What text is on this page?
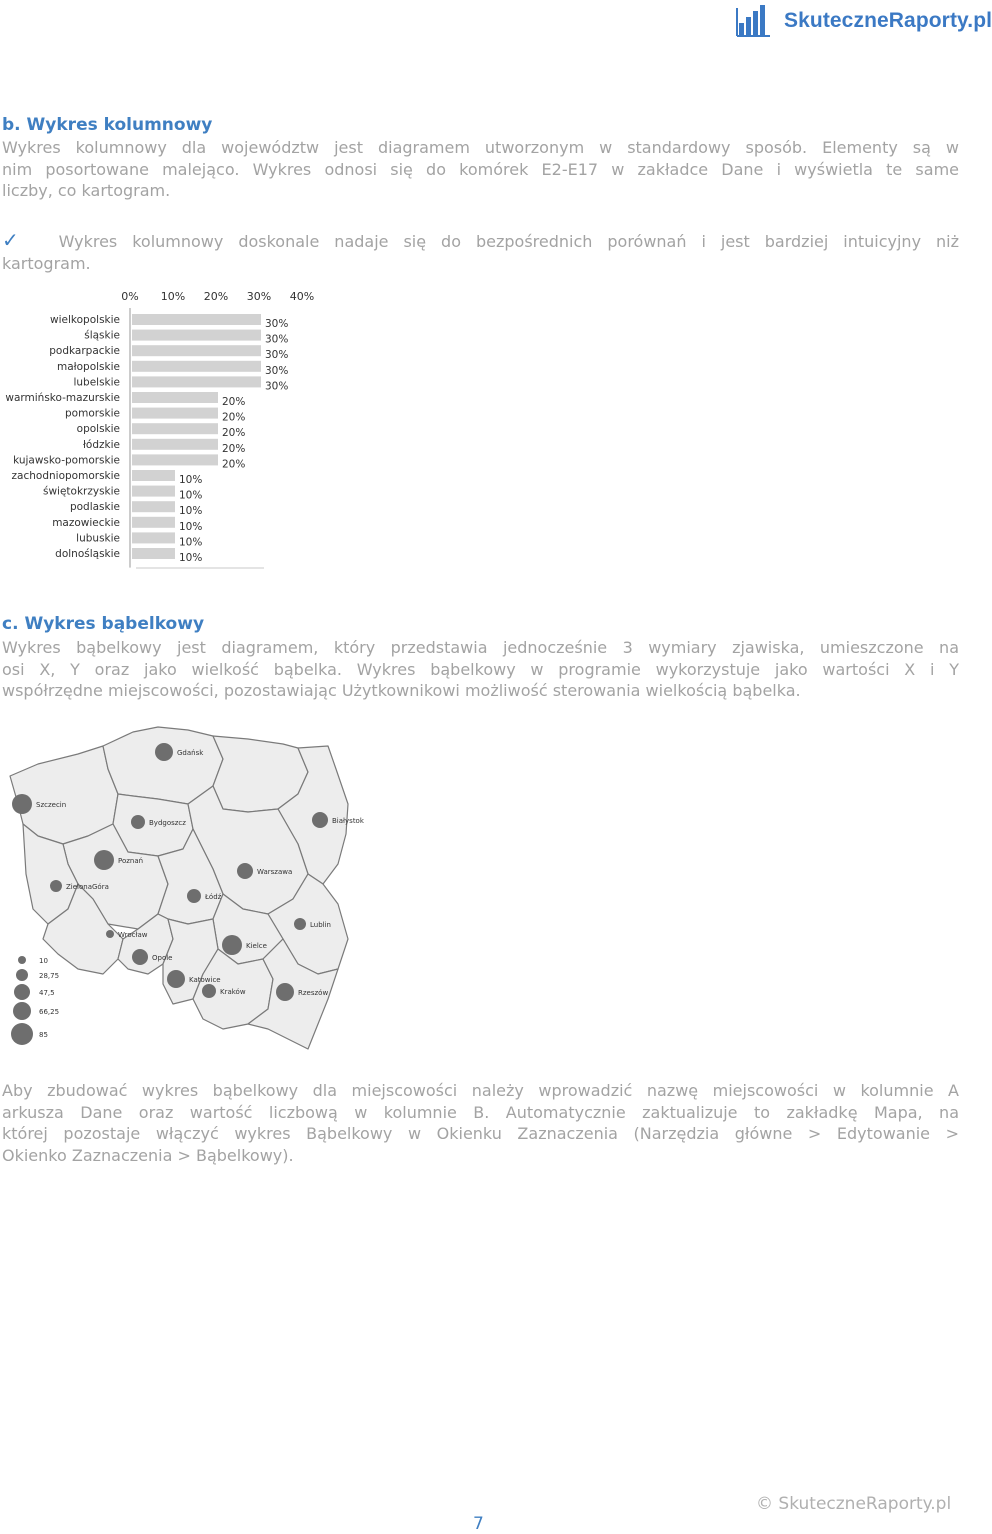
SkuteczneRaporty.pl
b. Wykres kolumnowy
Wykres kolumnowy dla województw jest diagramem utworzonym w standardowy sposób. Elementy są w
nim posortowane malejąco. Wykres odnosi się do komórek E2-E17 w zakładce Dane i wyświetla te same
liczby, co kartogram.
✓ Wykres kolumnowy doskonale nadaje się do bezpośrednich porównań i jest bardziej intuicyjny niż
kartogram.
0% 10% 20% 30% 40%
wielkopolskie	30%
śląskie	30%
podkarpackie	30%
małopolskie	30%
lubelskie	30%
warmińsko-mazurskie	20%
pomorskie	20%
opolskie	20%
łódzkie	20%
kujawsko-pomorskie	20%
zachodniopomorskie	10%
świętokrzyskie	10%
podlaskie	10%
mazowieckie	10%
lubuskie	10%
dolnośląskie	10%
c. Wykres bąbelkowy
Wykres bąbelkowy jest diagramem, który przedstawia jednocześnie 3 wymiary zjawiska, umieszczone na
osi X, Y oraz jako wielkość bąbelka. Wykres bąbelkowy w programie wykorzystuje jako wartości X i Y
współrzędne miejscowości, pozostawiając Użytkownikowi możliwość sterowania wielkością bąbelka.
Gdańsk
Szczecin
Bydgoszcz	Białystok
Poznań
Warszawa
ZielonaGóra
Łódź
Lublin
Wrocław
Kielce
Opole
Katowice
Kraków	Rzeszów
10
28,75
47,5
66,25
85
Aby zbudować wykres bąbelkowy dla miejscowości należy wprowadzić nazwę miejscowości w kolumnie A
arkusza Dane oraz wartość liczbową w kolumnie B. Automatycznie zaktualizuje to zakładkę Mapa, na
której pozostaje włączyć wykres Bąbelkowy w Okienku Zaznaczenia (Narzędzia główne > Edytowanie >
Okienko Zaznaczenia > Bąbelkowy).
© SkuteczneRaporty.pl
7
